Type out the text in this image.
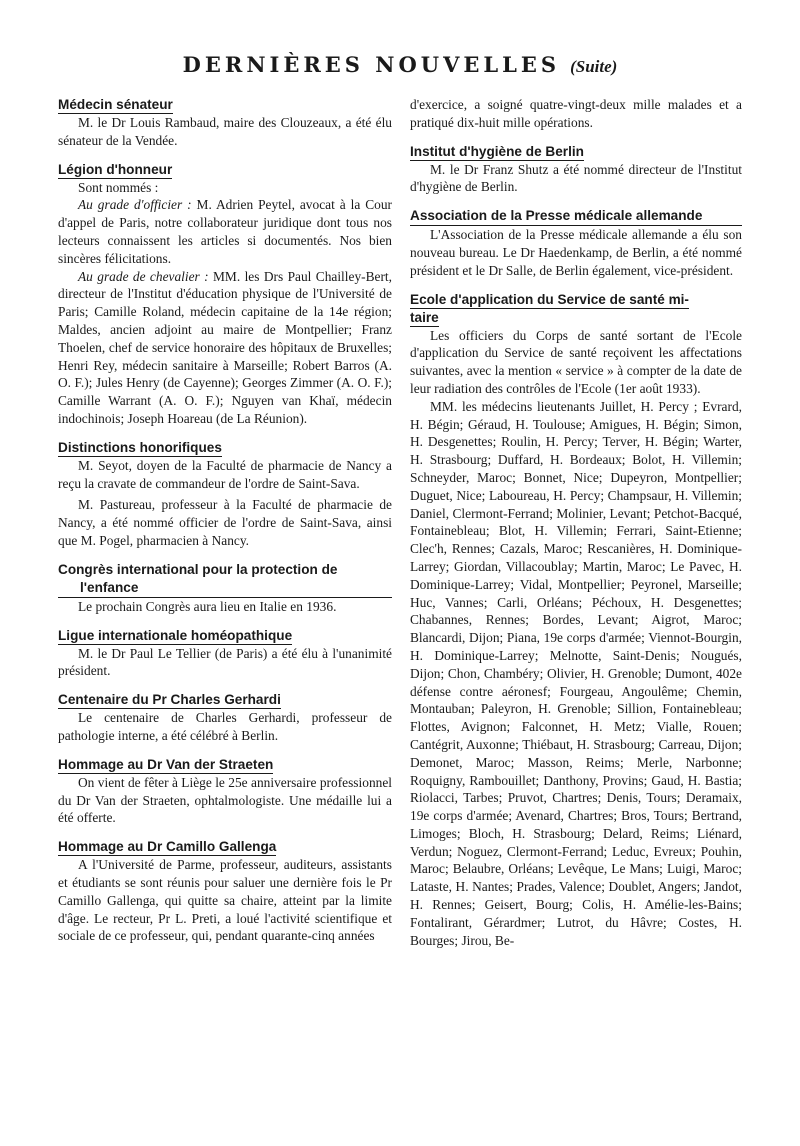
DERNIÈRES NOUVELLES (Suite)
Médecin sénateur

M. le Dr Louis Rambaud, maire des Clouzeaux, a été élu sénateur de la Vendée.

Légion d'honneur

Sont nommés :

Au grade d'officier : M. Adrien Peytel, avocat à la Cour d'appel de Paris, notre collaborateur juridique dont tous nos lecteurs connaissent les articles si documentés. Nos bien sincères félicitations.

Au grade de chevalier : MM. les Drs Paul Chailley-Bert, directeur de l'Institut d'éducation physique de l'Université de Paris; Camille Roland, médecin capitaine de la 14e région; Maldes, ancien adjoint au maire de Montpellier; Franz Thoelen, chef de service honoraire des hôpitaux de Bruxelles; Henri Rey, médecin sanitaire à Marseille; Robert Barros (A. O. F.); Jules Henry (de Cayenne); Georges Zimmer (A. O. F.); Camille Warrant (A. O. F.); Nguyen van Khaï, médecin indochinois; Joseph Hoareau (de La Réunion).

Distinctions honorifiques

M. Seyot, doyen de la Faculté de pharmacie de Nancy a reçu la cravate de commandeur de l'ordre de Saint-Sava.

M. Pastureau, professeur à la Faculté de pharmacie de Nancy, a été nommé officier de l'ordre de Saint-Sava, ainsi que M. Pogel, pharmacien à Nancy.

Congrès international pour la protection de
l'enfance

Le prochain Congrès aura lieu en Italie en 1936.

Ligue internationale homéopathique

M. le Dr Paul Le Tellier (de Paris) a été élu à l'unanimité président.

Centenaire du Pr Charles Gerhardi

Le centenaire de Charles Gerhardi, professeur de pathologie interne, a été célébré à Berlin.

Hommage au Dr Van der Straeten

On vient de fêter à Liège le 25e anniversaire professionnel du Dr Van der Straeten, ophtalmologiste. Une médaille lui a été offerte.

Hommage au Dr Camillo Gallenga

A l'Université de Parme, professeur, auditeurs, assistants et étudiants se sont réunis pour saluer une dernière fois le Pr Camillo Gallenga, qui quitte sa chaire, atteint par la limite d'âge. Le recteur, Pr L. Preti, a loué l'activité scientifique et sociale de ce professeur, qui, pendant quarante-cinq années

d'exercice, a soigné quatre-vingt-deux mille malades et a pratiqué dix-huit mille opérations.

Institut d'hygiène de Berlin

M. le Dr Franz Shutz a été nommé directeur de l'Institut d'hygiène de Berlin.

Association de la Presse médicale allemande

L'Association de la Presse médicale allemande a élu son nouveau bureau. Le Dr Haedenkamp, de Berlin, a été nommé président et le Dr Salle, de Berlin également, vice-président.

Ecole d'application du Service de santé mi-
taire

Les officiers du Corps de santé sortant de l'Ecole d'application du Service de santé reçoivent les affectations suivantes, avec la mention « service » à compter de la date de leur radiation des contrôles de l'Ecole (1er août 1933).

MM. les médecins lieutenants Juillet, H. Percy ; Evrard, H. Bégin; Géraud, H. Toulouse; Amigues, H. Bégin; Simon, H. Desgenettes; Roulin, H. Percy; Terver, H. Bégin; Warter, H. Strasbourg; Duffard, H. Bordeaux; Bolot, H. Villemin; Schneyder, Maroc; Bonnet, Nice; Dupeyron, Montpellier; Duguet, Nice; Laboureau, H. Percy; Champsaur, H. Villemin; Daniel, Clermont-Ferrand; Molinier, Levant; Petchot-Bacqué, Fontainebleau; Blot, H. Villemin; Ferrari, Saint-Etienne; Clec'h, Rennes; Cazals, Maroc; Rescanières, H. Dominique-Larrey; Giordan, Villacoublay; Martin, Maroc; Le Pavec, H. Dominique-Larrey; Vidal, Montpellier; Peyronel, Marseille; Huc, Vannes; Carli, Orléans; Péchoux, H. Desgenettes; Chabannes, Rennes; Bordes, Levant; Aigrot, Maroc; Blancardi, Dijon; Piana, 19e corps d'armée; Viennot-Bourgin, H. Dominique-Larrey; Melnotte, Saint-Denis; Nougués, Dijon; Chon, Chambéry; Olivier, H. Grenoble; Dumont, 402e défense contre aéronesf; Fourgeau, Angoulême; Chemin, Montauban; Paleyron, H. Grenoble; Sillion, Fontainebleau; Flottes, Avignon; Falconnet, H. Metz; Vialle, Rouen; Cantégrit, Auxonne; Thiébaut, H. Strasbourg; Carreau, Dijon; Demonet, Maroc; Masson, Reims; Merle, Narbonne; Roquigny, Rambouillet; Danthony, Provins; Gaud, H. Bastia; Riolacci, Tarbes; Pruvot, Chartres; Denis, Tours; Deramaix, 19e corps d'armée; Avenard, Chartres; Bros, Tours; Bertrand, Limoges; Bloch, H. Strasbourg; Delard, Reims; Liénard, Verdun; Noguez, Clermont-Ferrand; Leduc, Evreux; Pouhin, Maroc; Belaubre, Orléans; Levêque, Le Mans; Luigi, Maroc; Lataste, H. Nantes; Prades, Valence; Doublet, Angers; Jandot, H. Rennes; Geisert, Bourg; Colis, H. Amélie-les-Bains; Fontalirant, Gérardmer; Lutrot, du Hâvre; Costes, H. Bourges; Jirou, Be-
